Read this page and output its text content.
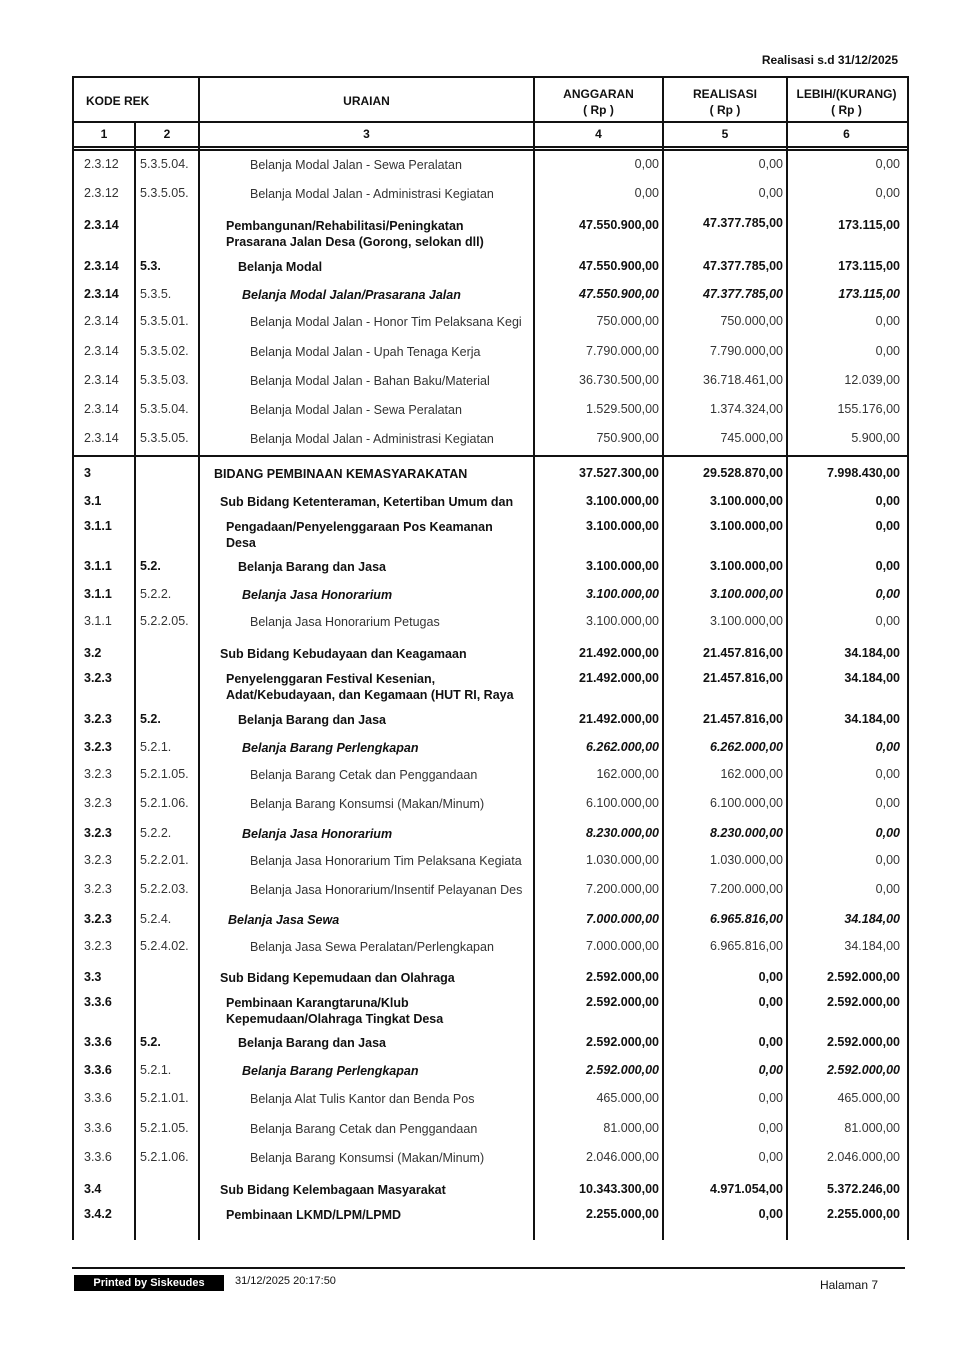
Realisasi s.d 31/12/2025
KODE REK	URAIAN	ANGGARAN
( Rp )
REALISASI
( Rp )
LEBIH/(KURANG)
( Rp )
1	2	3	4	5	6
2.3.12	5.3.5.04.	Belanja Modal Jalan - Sewa Peralatan	0,00	0,00	0,00
2.3.12	5.3.5.05.	Belanja Modal Jalan - Administrasi Kegiatan	0,00	0,00	0,00
2.3.14	Pembangunan/Rehabilitasi/Peningkatan
Prasarana Jalan Desa (Gorong, selokan dll)
47.550.900,00	47.377.785,00	173.115,00
2.3.14	5.3.	Belanja Modal	47.550.900,00	47.377.785,00	173.115,00
2.3.14	5.3.5.	Belanja Modal Jalan/Prasarana Jalan	47.550.900,00	47.377.785,00	173.115,00
2.3.14	5.3.5.01.	Belanja Modal Jalan - Honor Tim Pelaksana Kegi	750.000,00	750.000,00	0,00
2.3.14	5.3.5.02.	Belanja Modal Jalan - Upah Tenaga Kerja	7.790.000,00	7.790.000,00	0,00
2.3.14	5.3.5.03.	Belanja Modal Jalan - Bahan Baku/Material	36.730.500,00	36.718.461,00	12.039,00
2.3.14	5.3.5.04.	Belanja Modal Jalan - Sewa Peralatan	1.529.500,00	1.374.324,00	155.176,00
2.3.14	5.3.5.05.	Belanja Modal Jalan - Administrasi Kegiatan	750.900,00	745.000,00	5.900,00
3	BIDANG PEMBINAAN KEMASYARAKATAN	37.527.300,00	29.528.870,00	7.998.430,00
3.1	Sub Bidang Ketenteraman, Ketertiban Umum dan	3.100.000,00	3.100.000,00	0,00
3.1.1	Pengadaan/Penyelenggaraan Pos Keamanan
Desa
3.100.000,00	3.100.000,00	0,00
3.1.1	5.2.	Belanja Barang dan Jasa	3.100.000,00	3.100.000,00	0,00
3.1.1	5.2.2.	Belanja Jasa Honorarium	3.100.000,00	3.100.000,00	0,00
3.1.1	5.2.2.05.	Belanja Jasa Honorarium Petugas	3.100.000,00	3.100.000,00	0,00
3.2	Sub Bidang Kebudayaan dan Keagamaan	21.492.000,00	21.457.816,00	34.184,00
3.2.3	Penyelenggaran Festival Kesenian,
Adat/Kebudayaan, dan Kegamaan (HUT RI, Raya
21.492.000,00	21.457.816,00	34.184,00
3.2.3	5.2.	Belanja Barang dan Jasa	21.492.000,00	21.457.816,00	34.184,00
3.2.3	5.2.1.	Belanja Barang Perlengkapan	6.262.000,00	6.262.000,00	0,00
3.2.3	5.2.1.05.	Belanja Barang Cetak dan Penggandaan	162.000,00	162.000,00	0,00
3.2.3	5.2.1.06.	Belanja Barang Konsumsi (Makan/Minum)	6.100.000,00	6.100.000,00	0,00
3.2.3	5.2.2.	Belanja Jasa Honorarium	8.230.000,00	8.230.000,00	0,00
3.2.3	5.2.2.01.	Belanja Jasa Honorarium Tim Pelaksana Kegiata	1.030.000,00	1.030.000,00	0,00
3.2.3	5.2.2.03.	Belanja Jasa Honorarium/Insentif Pelayanan Des	7.200.000,00	7.200.000,00	0,00
3.2.3	5.2.4.	Belanja Jasa Sewa	7.000.000,00	6.965.816,00	34.184,00
3.2.3	5.2.4.02.	Belanja Jasa Sewa Peralatan/Perlengkapan	7.000.000,00	6.965.816,00	34.184,00
3.3	Sub Bidang Kepemudaan dan Olahraga	2.592.000,00	0,00	2.592.000,00
3.3.6	Pembinaan Karangtaruna/Klub
Kepemudaan/Olahraga Tingkat Desa
2.592.000,00	0,00	2.592.000,00
3.3.6	5.2.	Belanja Barang dan Jasa	2.592.000,00	0,00	2.592.000,00
3.3.6	5.2.1.	Belanja Barang Perlengkapan	2.592.000,00	0,00	2.592.000,00
3.3.6	5.2.1.01.	Belanja Alat Tulis Kantor dan Benda Pos	465.000,00	0,00	465.000,00
3.3.6	5.2.1.05.	Belanja Barang Cetak dan Penggandaan	81.000,00	0,00	81.000,00
3.3.6	5.2.1.06.	Belanja Barang Konsumsi (Makan/Minum)	2.046.000,00	0,00	2.046.000,00
3.4	Sub Bidang Kelembagaan Masyarakat	10.343.300,00	4.971.054,00	5.372.246,00
3.4.2	Pembinaan LKMD/LPM/LPMD	2.255.000,00	0,00	2.255.000,00
Printed by Siskeudes	31/12/2025 20:17:50	Halaman 7
